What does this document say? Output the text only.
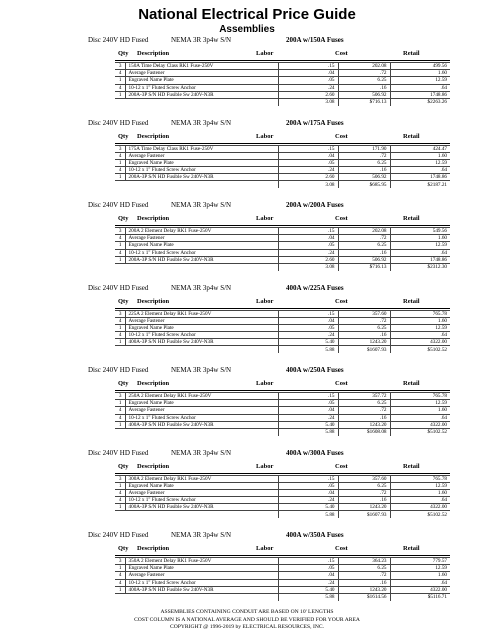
National Electrical Price Guide
Assemblies
Disc 240V HD Fused	NEMA 3R 3p4w S/N	200A w/150A Fuses
Qty Description	Labor	Cost	Retail
3	150A Time Delay Class RK1 Fuse-250V	.15	202.08	499.56
4	Average Fastener	.04	.72	1.60
1	Engraved Name Plate	.05	6.25	12.59
4	10-12 x 1" Fluted Screw Anchor	.24	.16	.64
1	200A-3P S/N HD Fusible Sw 240V-N3R	2.60	506.92	1748.86
		3.08	$716.13	$2263.26
Disc 240V HD Fused	NEMA 3R 3p4w S/N	200A w/175A Fuses
Qty Description	Labor	Cost	Retail
3	175A Time Delay Class RK1 Fuse-250V	.15	171.90	424.47
4	Average Fastener	.04	.72	1.60
1	Engraved Name Plate	.05	6.25	12.59
4	10-12 x 1" Fluted Screw Anchor	.24	.16	.64
1	200A-3P S/N HD Fusible Sw 240V-N3R	2.60	506.92	1748.86
		3.08	$685.95	$2187.21
Disc 240V HD Fused	NEMA 3R 3p4w S/N	200A w/200A Fuses
Qty Description	Labor	Cost	Retail
3	200A 2 Element Delay RK1 Fuse-250V	.15	202.08	549.56
4	Average Fastener	.04	.72	1.60
1	Engraved Name Plate	.05	6.25	12.59
4	10-12 x 1" Fluted Screw Anchor	.24	.16	.64
1	200A-3P S/N HD Fusible Sw 240V-N3R	2.60	506.92	1748.86
		3.08	$716.13	$2312.30
Disc 240V HD Fused	NEMA 3R 3p4w S/N	400A w/225A Fuses
Qty Description	Labor	Cost	Retail
3	225A 2 Element Delay RK1 Fuse-250V	.15	357.60	765.78
4	Average Fastener	.04	.72	1.60
1	Engraved Name Plate	.05	6.25	12.59
4	10-12 x 1" Fluted Screw Anchor	.24	.16	.64
1	400A-3P S/N HD Fusible Sw 240V-N3R	5.40	1243.20	4322.00
		5.88	$1607.93	$5102.52
Disc 240V HD Fused	NEMA 3R 3p4w S/N	400A w/250A Fuses
Qty Description	Labor	Cost	Retail
3	250A 2 Element Delay RK1 Fuse-250V	.15	357.72	765.78
1	Engraved Name Plate	.05	6.25	12.59
4	Average Fastener	.04	.72	1.60
4	10-12 x 1" Fluted Screw Anchor	.24	.16	.64
1	400A-3P S/N HD Fusible Sw 240V-N3R	5.40	1243.20	4322.00
		5.88	$1608.08	$5102.52
Disc 240V HD Fused	NEMA 3R 3p4w S/N	400A w/300A Fuses
Qty Description	Labor	Cost	Retail
3	300A 2 Element Delay RK1 Fuse-250V	.15	357.60	765.78
1	Engraved Name Plate	.05	6.25	12.59
4	Average Fastener	.04	.72	1.60
4	10-12 x 1" Fluted Screw Anchor	.24	.16	.64
1	400A-3P S/N HD Fusible Sw 240V-N3R	5.40	1243.20	4322.00
		5.88	$1607.93	$5102.52
Disc 240V HD Fused	NEMA 3R 3p4w S/N	400A w/350A Fuses
Qty Description	Labor	Cost	Retail
3	350A 2 Element Delay RK1 Fuse-250V	.15	364.23	779.57
1	Engraved Name Plate	.05	6.25	12.59
4	Average Fastener	.04	.72	1.60
4	10-12 x 1" Fluted Screw Anchor	.24	.16	.64
1	400A-3P S/N HD Fusible Sw 240V-N3R	5.40	1243.20	4322.00
		5.88	$1614.56	$5116.71
ASSEMBLIES CONTAINING CONDUIT ARE BASED ON 10' LENGTHS
COST COLUMN IS A NATIONAL AVERAGE AND SHOULD BE VERIFIED FOR YOUR AREA
COPYRIGHT @ 1996-2019 by ELECTRICAL RESOURCES, INC.
